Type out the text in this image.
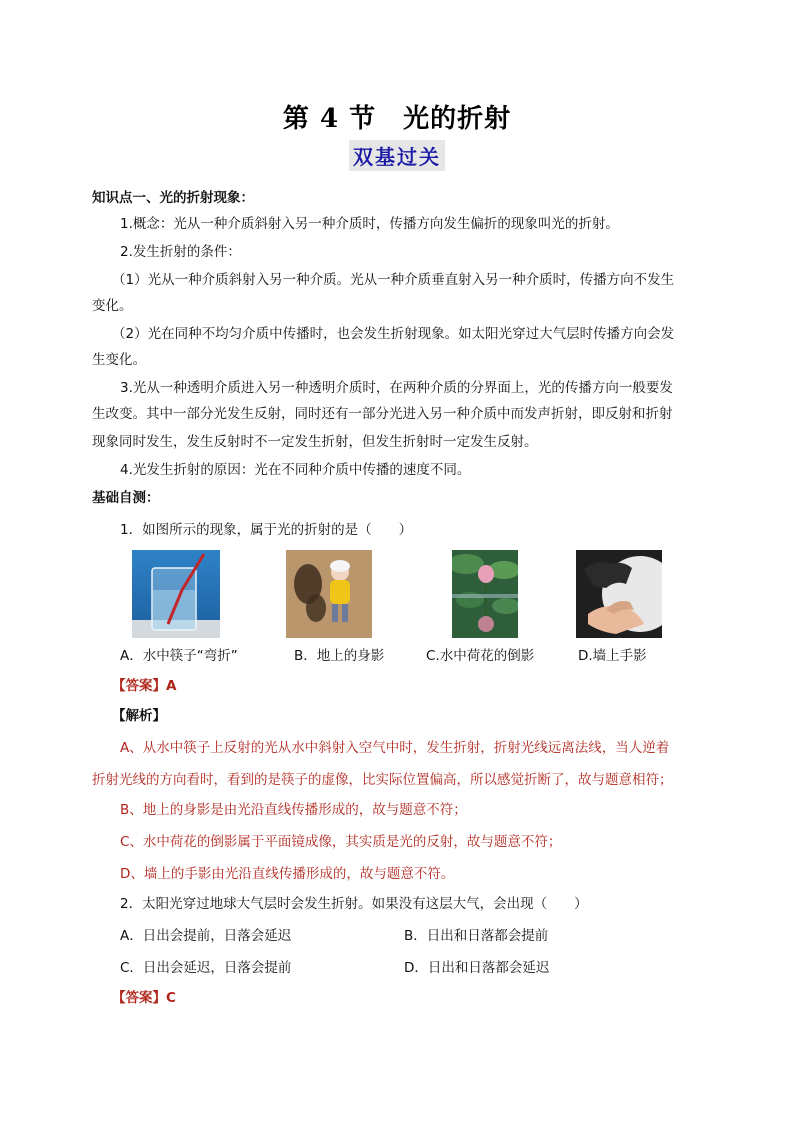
第 4 节　光的折射
双基过关
知识点一、光的折射现象：
1.概念：光从一种介质斜射入另一种介质时，传播方向发生偏折的现象叫光的折射。
2.发生折射的条件：
（1）光从一种介质斜射入另一种介质。光从一种介质垂直射入另一种介质时，传播方向不发生
变化。
（2）光在同种不均匀介质中传播时，也会发生折射现象。如太阳光穿过大气层时传播方向会发
生变化。
3.光从一种透明介质进入另一种透明介质时，在两种介质的分界面上，光的传播方向一般要发
生改变。其中一部分光发生反射，同时还有一部分光进入另一种介质中而发声折射，即反射和折射
现象同时发生，发生反射时不一定发生折射，但发生折射时一定发生反射。
4.光发生折射的原因：光在不同种介质中传播的速度不同。
基础自测：
1．如图所示的现象，属于光的折射的是（　　）
A．水中筷子“弯折”	B．地上的身影	C.水中荷花的倒影	D.墙上手影
【答案】A
【解析】
A、从水中筷子上反射的光从水中斜射入空气中时，发生折射，折射光线远离法线，当人逆着
折射光线的方向看时，看到的是筷子的虚像，比实际位置偏高，所以感觉折断了，故与题意相符；
B、地上的身影是由光沿直线传播形成的，故与题意不符；
C、水中荷花的倒影属于平面镜成像，其实质是光的反射，故与题意不符；
D、墙上的手影由光沿直线传播形成的，故与题意不符。
2．太阳光穿过地球大气层时会发生折射。如果没有这层大气，会出现（　　）
A．日出会提前，日落会延迟	B．日出和日落都会提前
C．日出会延迟，日落会提前	D．日出和日落都会延迟
【答案】C
